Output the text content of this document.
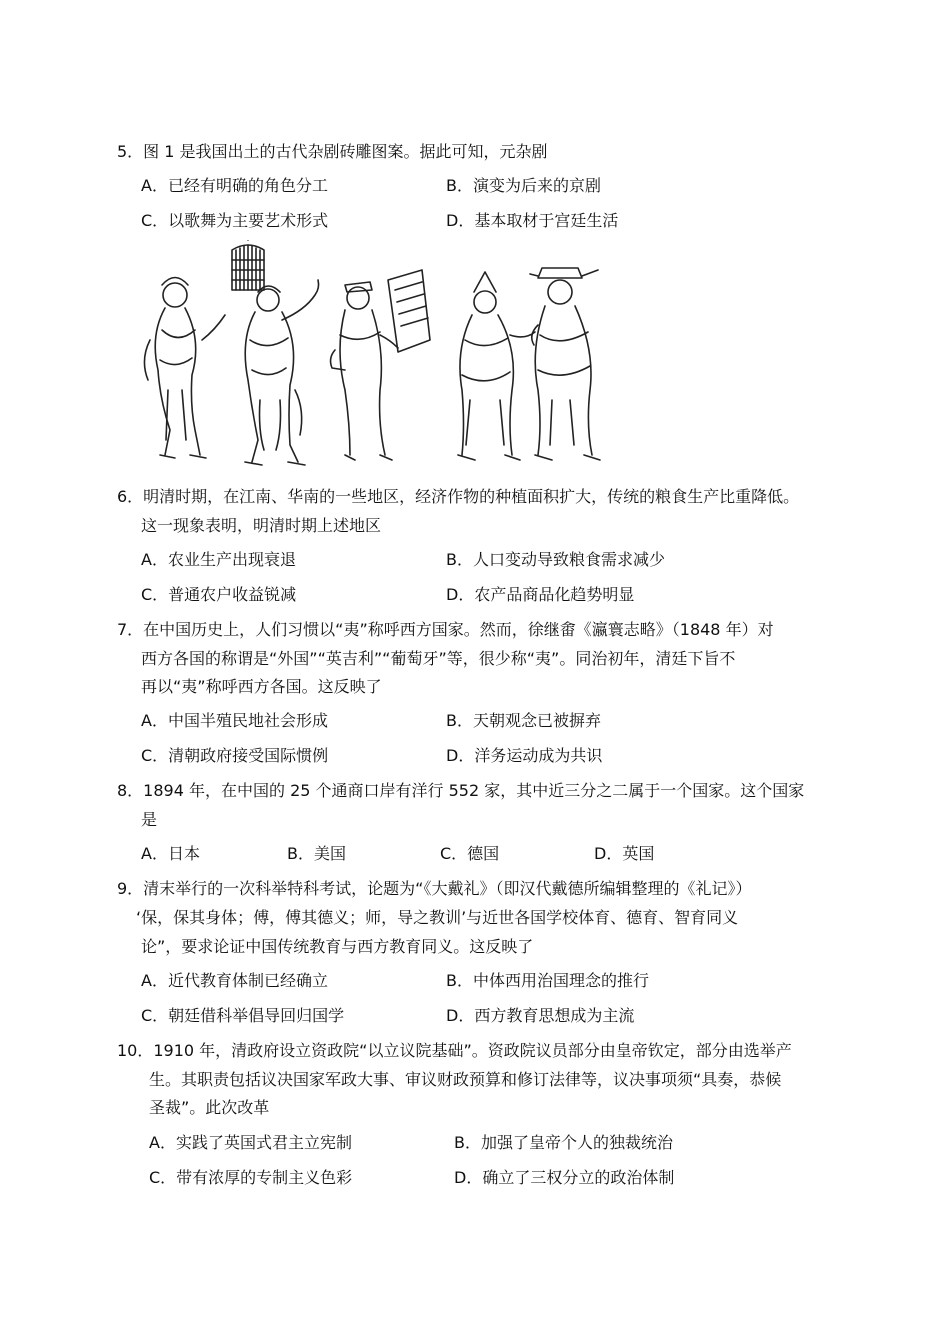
5．图 1 是我国出土的古代杂剧砖雕图案。据此可知，元杂剧
A．已经有明确的角色分工	B．演变为后来的京剧
C．以歌舞为主要艺术形式	D．基本取材于宫廷生活
6．明清时期，在江南、华南的一些地区，经济作物的种植面积扩大，传统的粮食生产比重降低。
这一现象表明，明清时期上述地区
A．农业生产出现衰退	B．人口变动导致粮食需求减少
C．普通农户收益锐减	D．农产品商品化趋势明显
7．在中国历史上，人们习惯以“夷”称呼西方国家。然而，徐继畬《瀛寰志略》（1848 年）对
西方各国的称谓是“外国”“英吉利”“葡萄牙”等，很少称“夷”。同治初年，清廷下旨不
再以“夷”称呼西方各国。这反映了
A．中国半殖民地社会形成	B．天朝观念已被摒弃
C．清朝政府接受国际惯例	D．洋务运动成为共识
8．1894 年，在中国的 25 个通商口岸有洋行 552 家，其中近三分之二属于一个国家。这个国家
是
A．日本	B．美国	C．德国	D．英国
9．清末举行的一次科举特科考试，论题为“《大戴礼》（即汉代戴德所编辑整理的《礼记》）
‘保，保其身体；傅，傅其德义；师，导之教训’与近世各国学校体育、德育、智育同义
论”，要求论证中国传统教育与西方教育同义。这反映了
A．近代教育体制已经确立	B．中体西用治国理念的推行
C．朝廷借科举倡导回归国学	D．西方教育思想成为主流
10．1910 年，清政府设立资政院“以立议院基础”。资政院议员部分由皇帝钦定，部分由选举产
生。其职责包括议决国家军政大事、审议财政预算和修订法律等，议决事项须“具奏，恭候
圣裁”。此次改革
A．实践了英国式君主立宪制	B．加强了皇帝个人的独裁统治
C．带有浓厚的专制主义色彩	D．确立了三权分立的政治体制
